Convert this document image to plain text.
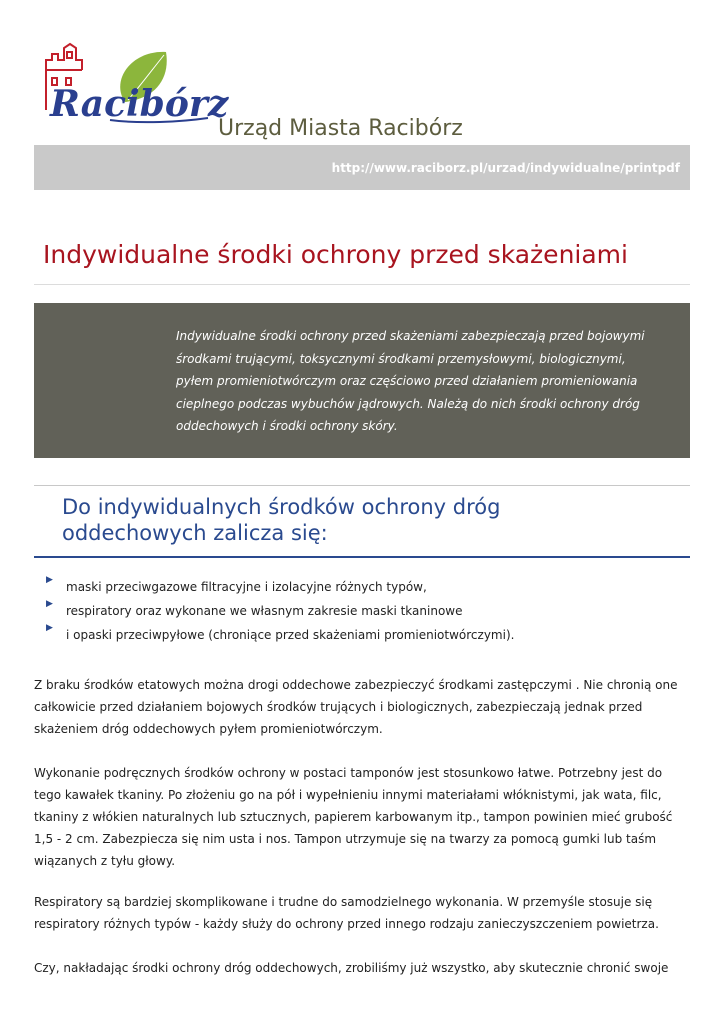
Racibórz
Urząd Miasta Racibórz
http://www.raciborz.pl/urzad/indywidualne/printpdf
Indywidualne środki ochrony przed skażeniami

Indywidualne środki ochrony przed skażeniami zabezpieczają przed bojowymi środkami trującymi, toksycznymi środkami przemysłowymi, biologicznymi, pyłem promieniotwórczym oraz częściowo przed działaniem promieniowania cieplnego podczas wybuchów jądrowych. Należą do nich środki ochrony dróg oddechowych i środki ochrony skóry.

Do indywidualnych środków ochrony dróg oddechowych zalicza się:
▶ maski przeciwgazowe filtracyjne i izolacyjne różnych typów,
▶ respiratory oraz wykonane we własnym zakresie maski tkaninowe
▶ i opaski przeciwpyłowe (chroniące przed skażeniami promieniotwórczymi).

Z braku środków etatowych można drogi oddechowe zabezpieczyć środkami zastępczymi . Nie chronią one całkowicie przed działaniem bojowych środków trujących i biologicznych, zabezpieczają jednak przed skażeniem dróg oddechowych pyłem promieniotwórczym.

Wykonanie podręcznych środków ochrony w postaci tamponów jest stosunkowo łatwe. Potrzebny jest do tego kawałek tkaniny. Po złożeniu go na pół i wypełnieniu innymi materiałami włóknistymi, jak wata, filc, tkaniny z włókien naturalnych lub sztucznych, papierem karbowanym itp., tampon powinien mieć grubość 1,5 - 2 cm. Zabezpiecza się nim usta i nos. Tampon utrzymuje się na twarzy za pomocą gumki lub taśm wiązanych z tyłu głowy.

Respiratory są bardziej skomplikowane i trudne do samodzielnego wykonania. W przemyśle stosuje się respiratory różnych typów - każdy służy do ochrony przed innego rodzaju zanieczyszczeniem powietrza.

Czy, nakładając środki ochrony dróg oddechowych, zrobiliśmy już wszystko, aby skutecznie chronić swoje
